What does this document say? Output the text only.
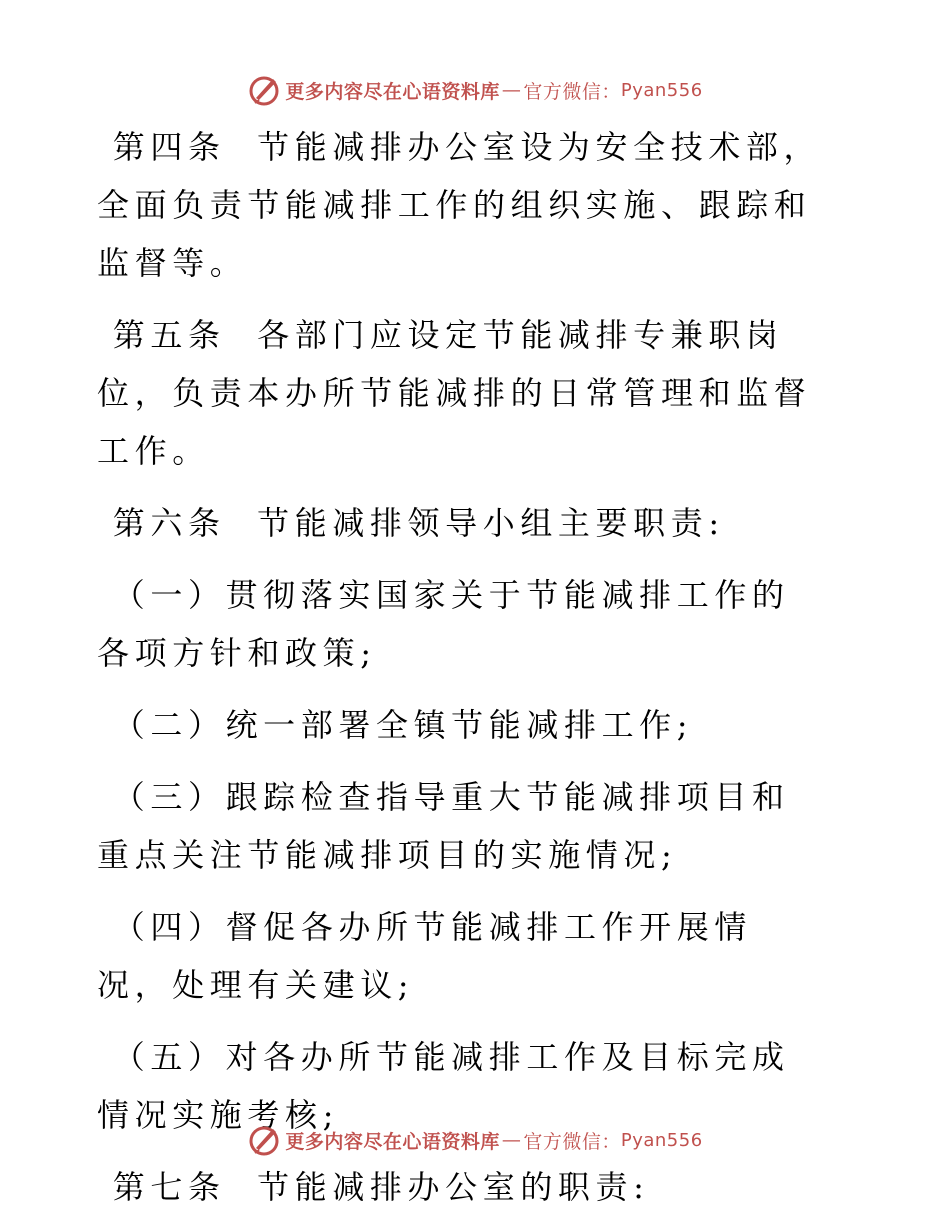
更多内容尽在心语资料库 — 官方微信： Pyan556

第四条  节能减排办公室设为安全技术部，全面负责节能减排工作的组织实施、跟踪和监督等。

第五条  各部门应设定节能减排专兼职岗位，负责本办所节能减排的日常管理和监督工作。

第六条  节能减排领导小组主要职责:

（一）贯彻落实国家关于节能减排工作的各项方针和政策;

（二）统一部署全镇节能减排工作;

（三）跟踪检查指导重大节能减排项目和重点关注节能减排项目的实施情况;

（四）督促各办所节能减排工作开展情况，处理有关建议;

（五）对各办所节能减排工作及目标完成情况实施考核;

第七条  节能减排办公室的职责:

更多内容尽在心语资料库 — 官方微信： Pyan556
